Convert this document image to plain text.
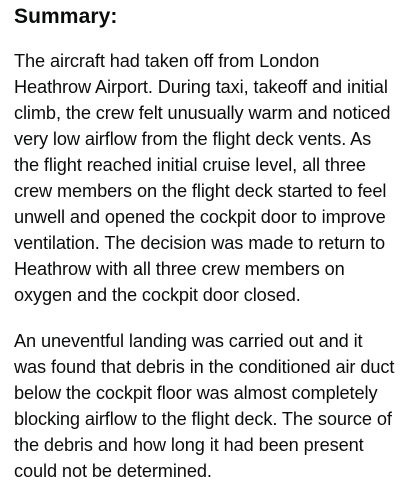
Summary:

The aircraft had taken off from London Heathrow Airport. During taxi, takeoff and initial climb, the crew felt unusually warm and noticed very low airflow from the flight deck vents. As the flight reached initial cruise level, all three crew members on the flight deck started to feel unwell and opened the cockpit door to improve ventilation. The decision was made to return to Heathrow with all three crew members on oxygen and the cockpit door closed.

An uneventful landing was carried out and it was found that debris in the conditioned air duct below the cockpit floor was almost completely blocking airflow to the flight deck. The source of the debris and how long it had been present could not be determined.
